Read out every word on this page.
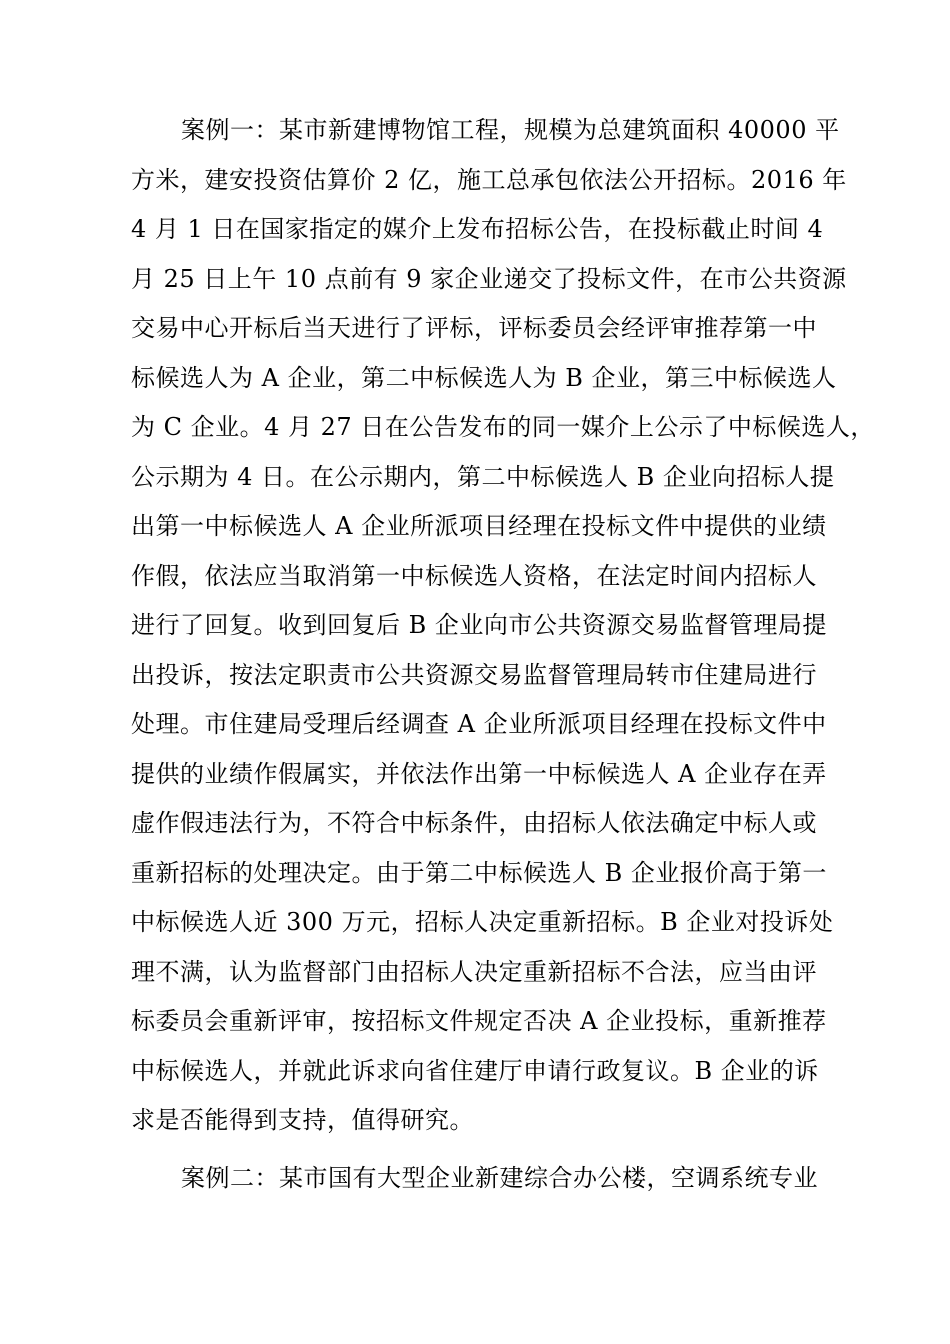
案例一：某市新建博物馆工程，规模为总建筑面积 40000 平
方米，建安投资估算价 2 亿，施工总承包依法公开招标。2016 年
4 月 1 日在国家指定的媒介上发布招标公告，在投标截止时间 4
月 25 日上午 10 点前有 9 家企业递交了投标文件，在市公共资源
交易中心开标后当天进行了评标，评标委员会经评审推荐第一中
标候选人为 A 企业，第二中标候选人为 B 企业，第三中标候选人
为 C 企业。4 月 27 日在公告发布的同一媒介上公示了中标候选人，
公示期为 4 日。在公示期内，第二中标候选人 B 企业向招标人提
出第一中标候选人 A 企业所派项目经理在投标文件中提供的业绩
作假，依法应当取消第一中标候选人资格，在法定时间内招标人
进行了回复。收到回复后 B 企业向市公共资源交易监督管理局提
出投诉，按法定职责市公共资源交易监督管理局转市住建局进行
处理。市住建局受理后经调查 A 企业所派项目经理在投标文件中
提供的业绩作假属实，并依法作出第一中标候选人 A 企业存在弄
虚作假违法行为，不符合中标条件，由招标人依法确定中标人或
重新招标的处理决定。由于第二中标候选人 B 企业报价高于第一
中标候选人近 300 万元，招标人决定重新招标。B 企业对投诉处
理不满，认为监督部门由招标人决定重新招标不合法，应当由评
标委员会重新评审，按招标文件规定否决 A 企业投标，重新推荐
中标候选人，并就此诉求向省住建厅申请行政复议。B 企业的诉
求是否能得到支持，值得研究。
案例二：某市国有大型企业新建综合办公楼，空调系统专业
